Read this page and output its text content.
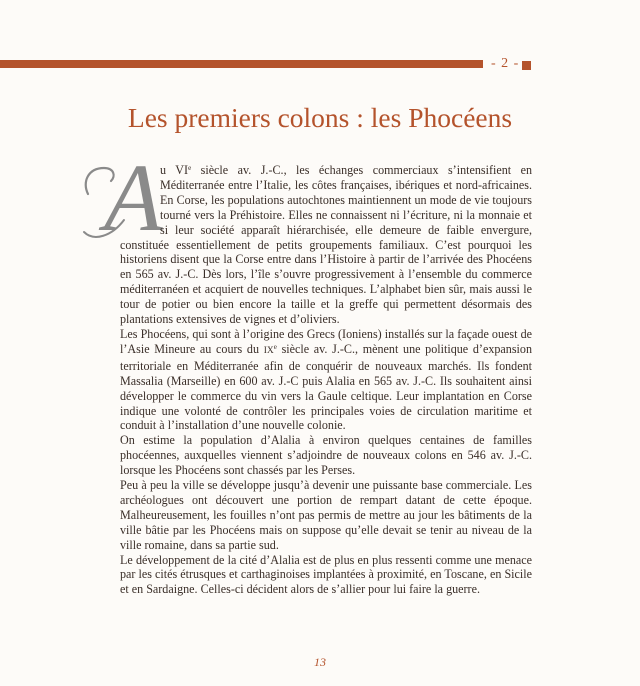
- 2 -
Les premiers colons : les Phocéens
A

u VIe siècle av. J.-C., les échanges commerciaux s’intensifient en Méditerranée entre l’Italie, les côtes françaises, ibériques et nord-africaines. En Corse, les populations autochtones maintiennent un mode de vie toujours tourné vers la Préhistoire. Elles ne connaissent ni l’écriture, ni la monnaie et si leur société apparaît hiérarchisée, elle demeure de faible envergure, constituée essentiellement de petits groupements familiaux. C’est pourquoi les historiens disent que la Corse entre dans l’Histoire à partir de l’arrivée des Phocéens en 565 av. J.-C. Dès lors, l’île s’ouvre progressivement à l’ensemble du commerce méditerranéen et acquiert de nouvelles techniques. L’alphabet bien sûr, mais aussi le tour de potier ou bien encore la taille et la greffe qui permettent désormais des plantations extensives de vignes et d’oliviers.

Les Phocéens, qui sont à l’origine des Grecs (Ioniens) installés sur la façade ouest de l’Asie Mineure au cours du IXe siècle av. J.-C., mènent une politique d’expansion territoriale en Méditerranée afin de conquérir de nouveaux marchés. Ils fondent Massalia (Marseille) en 600 av. J.-C puis Alalia en 565 av. J.-C. Ils souhaitent ainsi développer le commerce du vin vers la Gaule celtique. Leur implantation en Corse indique une volonté de contrôler les principales voies de circulation maritime et conduit à l’installation d’une nouvelle colonie.

On estime la population d’Alalia à environ quelques centaines de familles phocéennes, auxquelles viennent s’adjoindre de nouveaux colons en 546 av. J.-C. lorsque les Phocéens sont chassés par les Perses.

Peu à peu la ville se développe jusqu’à devenir une puissante base commerciale. Les archéologues ont découvert une portion de rempart datant de cette époque. Malheureusement, les fouilles n’ont pas permis de mettre au jour les bâtiments de la ville bâtie par les Phocéens mais on suppose qu’elle devait se tenir au niveau de la ville romaine, dans sa partie sud.

Le développement de la cité d’Alalia est de plus en plus ressenti comme une menace par les cités étrusques et carthaginoises implantées à proximité, en Toscane, en Sicile et en Sardaigne. Celles-ci décident alors de s’allier pour lui faire la guerre.

13
